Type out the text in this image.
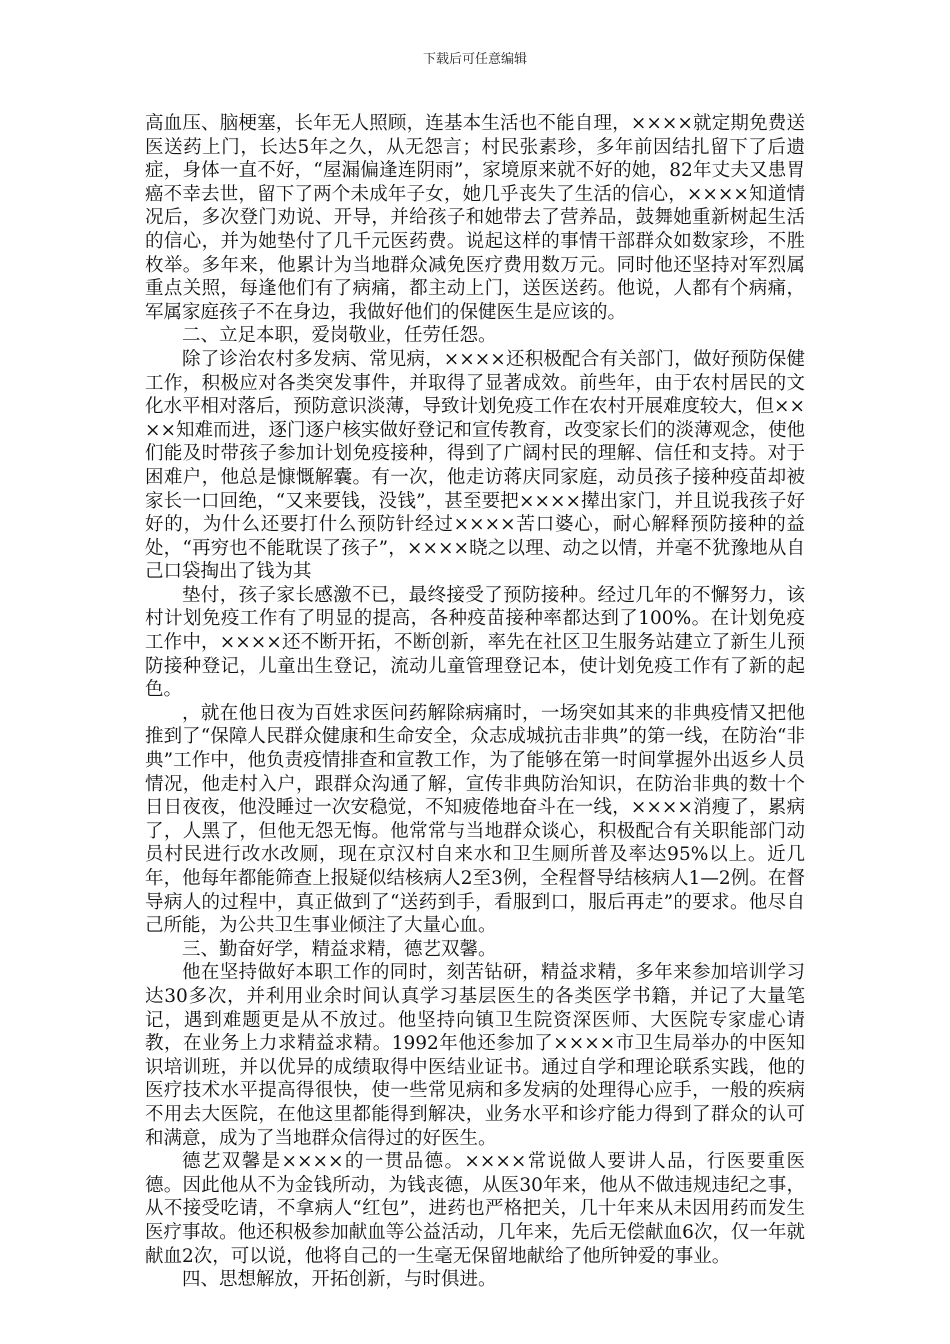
下载后可任意编辑

高血压、脑梗塞，长年无人照顾，连基本生活也不能自理，××××就定期免费送医送药上门，长达5年之久，从无怨言；村民张素珍，多年前因结扎留下了后遗症，身体一直不好，“屋漏偏逢连阴雨”，家境原来就不好的她，82年丈夫又患胃癌不幸去世，留下了两个未成年子女，她几乎丧失了生活的信心，××××知道情况后，多次登门劝说、开导，并给孩子和她带去了营养品，鼓舞她重新树起生活的信心，并为她垫付了几千元医药费。说起这样的事情干部群众如数家珍，不胜枚举。多年来，他累计为当地群众减免医疗费用数万元。同时他还坚持对军烈属重点关照，每逢他们有了病痛，都主动上门，送医送药。他说，人都有个病痛，军属家庭孩子不在身边，我做好他们的保健医生是应该的。

二、立足本职，爱岗敬业，任劳任怨。

除了诊治农村多发病、常见病，××××还积极配合有关部门，做好预防保健工作，积极应对各类突发事件，并取得了显著成效。前些年，由于农村居民的文化水平相对落后，预防意识淡薄，导致计划免疫工作在农村开展难度较大，但××××知难而进，逐门逐户核实做好登记和宣传教育，改变家长们的淡薄观念，使他们能及时带孩子参加计划免疫接种，得到了广阔村民的理解、信任和支持。对于困难户，他总是慷慨解囊。有一次，他走访蒋庆同家庭，动员孩子接种疫苗却被家长一口回绝，“又来要钱，没钱”，甚至要把××××撵出家门，并且说我孩子好好的，为什么还要打什么预防针经过××××苦口婆心，耐心解释预防接种的益处，“再穷也不能耽误了孩子”，××××晓之以理、动之以情，并毫不犹豫地从自己口袋掏出了钱为其

垫付，孩子家长感激不已，最终接受了预防接种。经过几年的不懈努力，该村计划免疫工作有了明显的提高，各种疫苗接种率都达到了100%。在计划免疫工作中，××××还不断开拓，不断创新，率先在社区卫生服务站建立了新生儿预防接种登记，儿童出生登记，流动儿童管理登记本，使计划免疫工作有了新的起色。

，就在他日夜为百姓求医问药解除病痛时，一场突如其来的非典疫情又把他推到了“保障人民群众健康和生命安全，众志成城抗击非典”的第一线，在防治“非典”工作中，他负责疫情排查和宣教工作，为了能够在第一时间掌握外出返乡人员情况，他走村入户，跟群众沟通了解，宣传非典防治知识，在防治非典的数十个日日夜夜，他没睡过一次安稳觉，不知疲倦地奋斗在一线，××××消瘦了，累病了，人黑了，但他无怨无悔。他常常与当地群众谈心，积极配合有关职能部门动员村民进行改水改厕，现在京汉村自来水和卫生厕所普及率达95%以上。近几年，他每年都能筛查上报疑似结核病人2至3例，全程督导结核病人1—2例。在督导病人的过程中，真正做到了“送药到手，看服到口，服后再走”的要求。他尽自己所能，为公共卫生事业倾注了大量心血。

三、勤奋好学，精益求精，德艺双馨。

他在坚持做好本职工作的同时，刻苦钻研，精益求精，多年来参加培训学习达30多次，并利用业余时间认真学习基层医生的各类医学书籍，并记了大量笔记，遇到难题更是从不放过。他坚持向镇卫生院资深医师、大医院专家虚心请教，在业务上力求精益求精。1992年他还参加了××××市卫生局举办的中医知识培训班，并以优异的成绩取得中医结业证书。通过自学和理论联系实践，他的医疗技术水平提高得很快，使一些常见病和多发病的处理得心应手，一般的疾病不用去大医院，在他这里都能得到解决，业务水平和诊疗能力得到了群众的认可和满意，成为了当地群众信得过的好医生。

德艺双馨是××××的一贯品德。××××常说做人要讲人品，行医要重医德。因此他从不为金钱所动，为钱丧德，从医30年来，他从不做违规违纪之事，从不接受吃请，不拿病人“红包”，进药也严格把关，几十年来从未因用药而发生医疗事故。他还积极参加献血等公益活动，几年来，先后无偿献血6次，仅一年就献血2次，可以说，他将自己的一生毫无保留地献给了他所钟爱的事业。

四、思想解放，开拓创新，与时俱进。
